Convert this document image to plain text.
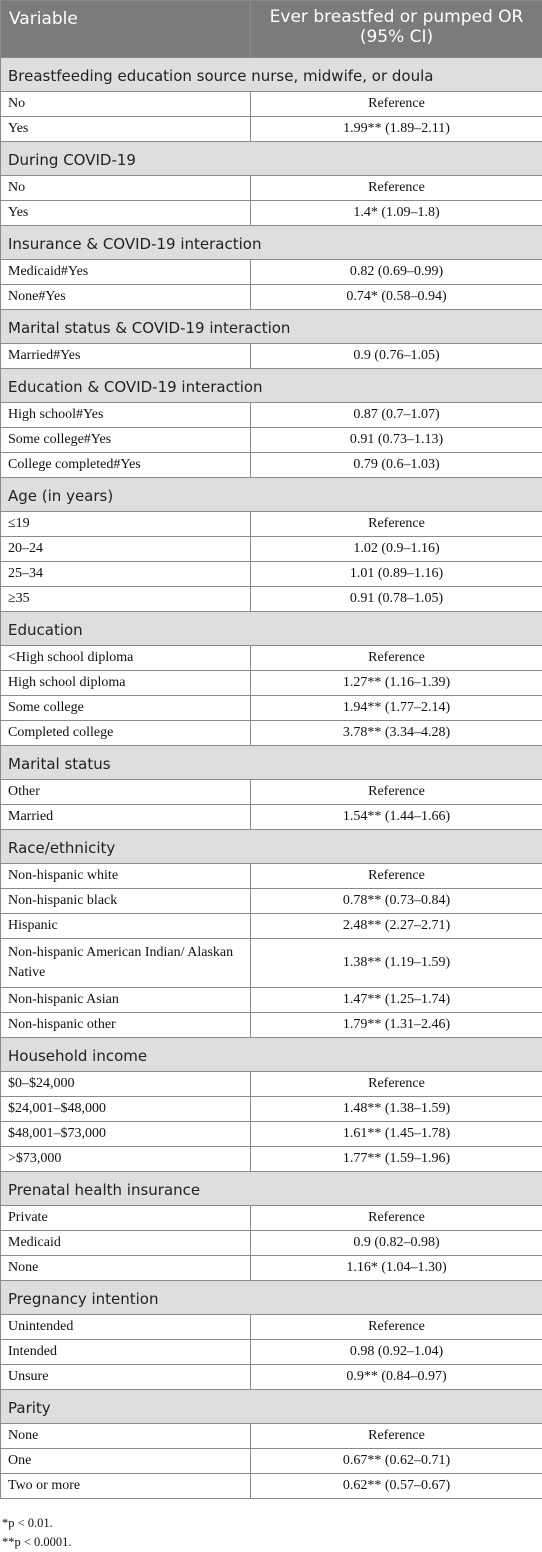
Variable	Ever breastfed or pumped OR (95% CI)
Breastfeeding education source nurse, midwife, or doula	
No	Reference
Yes	1.99** (1.89–2.11)
During COVID-19	
No	Reference
Yes	1.4* (1.09–1.8)
Insurance & COVID-19 interaction	
Medicaid#Yes	0.82 (0.69–0.99)
None#Yes	0.74* (0.58–0.94)
Marital status & COVID-19 interaction	
Married#Yes	0.9 (0.76–1.05)
Education & COVID-19 interaction	
High school#Yes	0.87 (0.7–1.07)
Some college#Yes	0.91 (0.73–1.13)
College completed#Yes	0.79 (0.6–1.03)
Age (in years)	
≤19	Reference
20–24	1.02 (0.9–1.16)
25–34	1.01 (0.89–1.16)
≥35	0.91 (0.78–1.05)
Education	
<High school diploma	Reference
High school diploma	1.27** (1.16–1.39)
Some college	1.94** (1.77–2.14)
Completed college	3.78** (3.34–4.28)
Marital status	
Other	Reference
Married	1.54** (1.44–1.66)
Race/ethnicity	
Non-hispanic white	Reference
Non-hispanic black	0.78** (0.73–0.84)
Hispanic	2.48** (2.27–2.71)
Non-hispanic American Indian/ Alaskan Native	1.38** (1.19–1.59)
Non-hispanic Asian	1.47** (1.25–1.74)
Non-hispanic other	1.79** (1.31–2.46)
Household income	
$0–$24,000	Reference
$24,001–$48,000	1.48** (1.38–1.59)
$48,001–$73,000	1.61** (1.45–1.78)
>$73,000	1.77** (1.59–1.96)
Prenatal health insurance	
Private	Reference
Medicaid	0.9 (0.82–0.98)
None	1.16* (1.04–1.30)
Pregnancy intention	
Unintended	Reference
Intended	0.98 (0.92–1.04)
Unsure	0.9** (0.84–0.97)
Parity	
None	Reference
One	0.67** (0.62–0.71)
Two or more	0.62** (0.57–0.67)
*p < 0.01.
**p < 0.0001.
